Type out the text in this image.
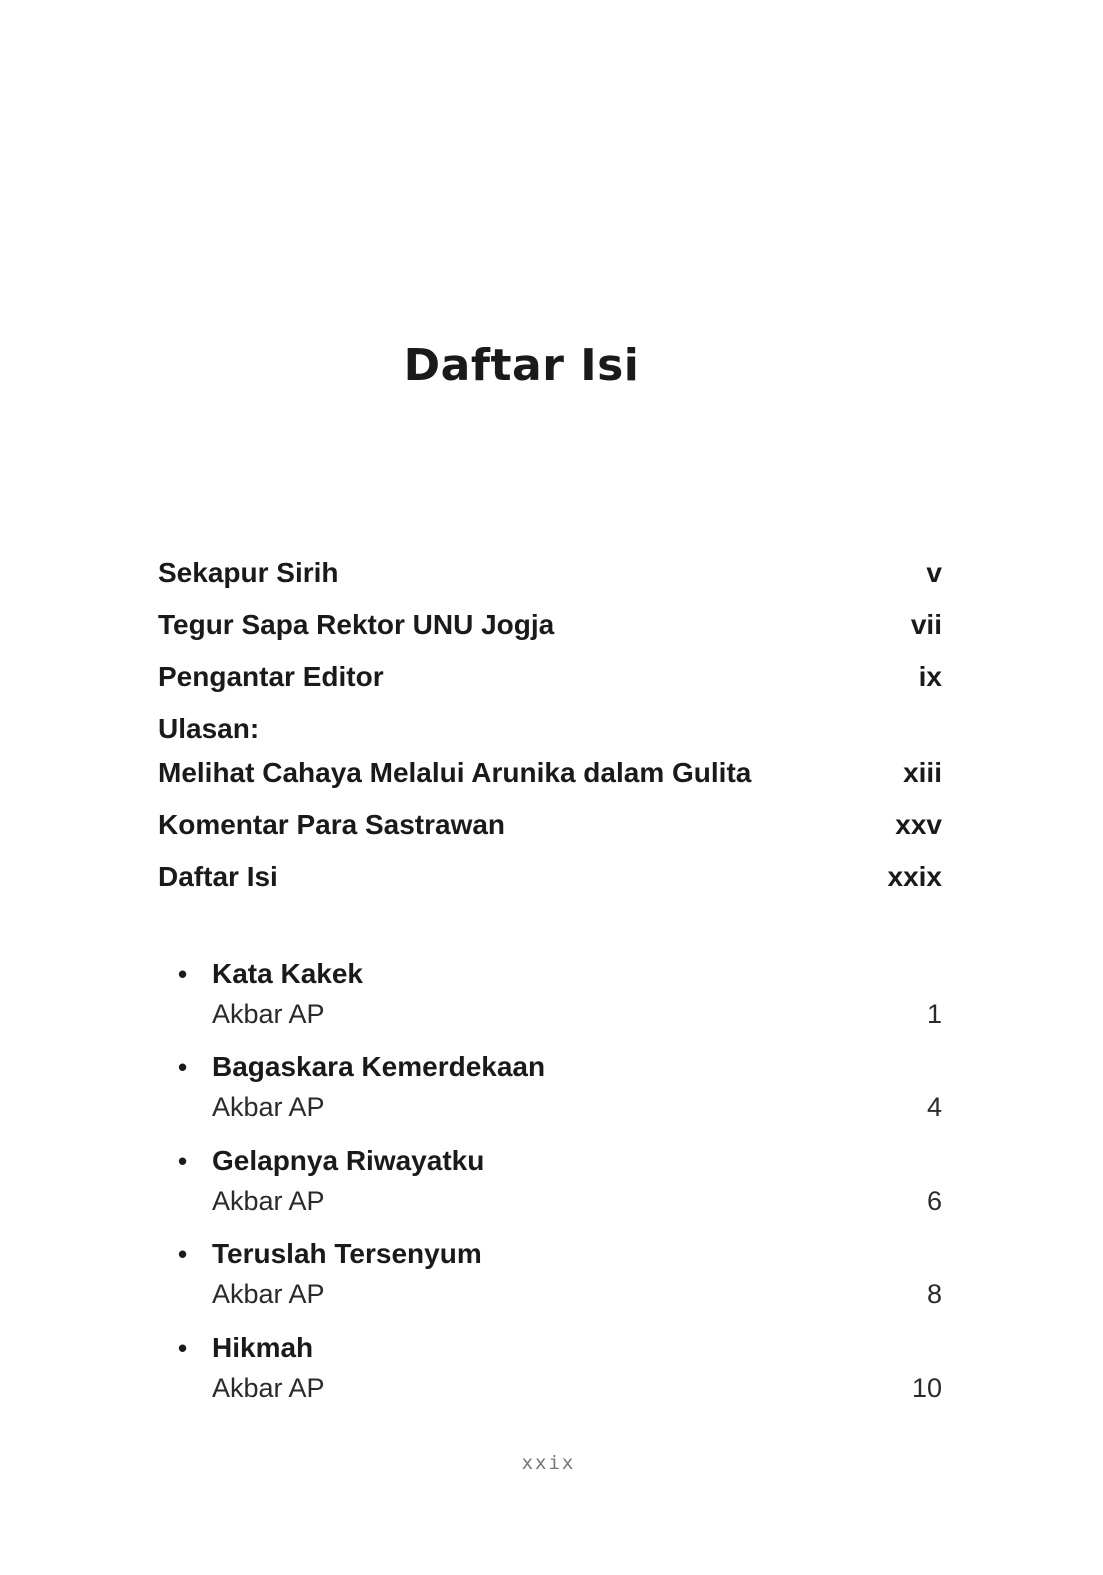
Daftar Isi
Sekapur Sirih	v
Tegur Sapa Rektor UNU Jogja	vii
Pengantar Editor	ix
Ulasan:
Melihat Cahaya Melalui Arunika dalam Gulita	xiii
Komentar Para Sastrawan	xxv
Daftar Isi	xxix
• Kata Kakek
Akbar AP	1
• Bagaskara Kemerdekaan
Akbar AP	4
• Gelapnya Riwayatku
Akbar AP	6
• Teruslah Tersenyum
Akbar AP	8
• Hikmah
Akbar AP	10
xxix
